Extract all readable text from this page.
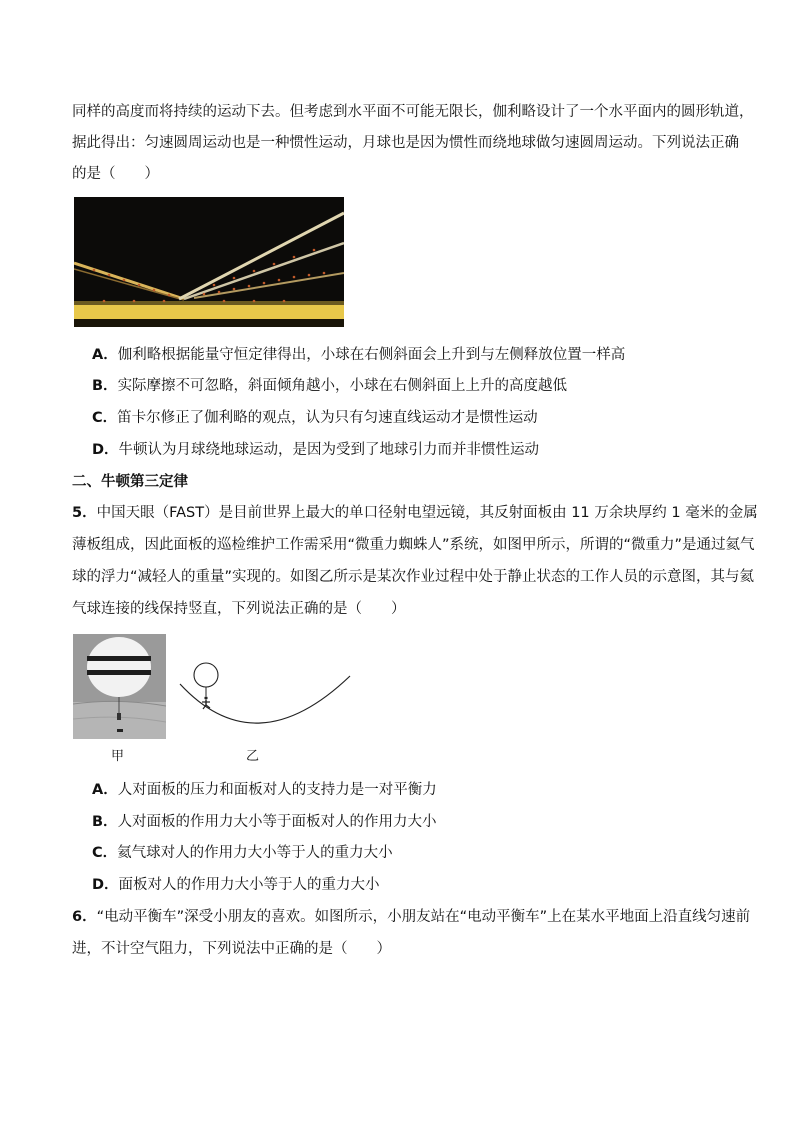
同样的高度而将持续的运动下去。但考虑到水平面不可能无限长，伽利略设计了一个水平面内的圆形轨道，
据此得出：匀速圆周运动也是一种惯性运动，月球也是因为惯性而绕地球做匀速圆周运动。下列说法正确
的是（　　）
A．伽利略根据能量守恒定律得出，小球在右侧斜面会上升到与左侧释放位置一样高
B．实际摩擦不可忽略，斜面倾角越小，小球在右侧斜面上上升的高度越低
C．笛卡尔修正了伽利略的观点，认为只有匀速直线运动才是惯性运动
D．牛顿认为月球绕地球运动，是因为受到了地球引力而并非惯性运动
二、牛顿第三定律
5．中国天眼（FAST）是目前世界上最大的单口径射电望远镜，其反射面板由 11 万余块厚约 1 毫米的金属
薄板组成，因此面板的巡检维护工作需采用“微重力蜘蛛人”系统，如图甲所示，所谓的“微重力”是通过氦气
球的浮力“减轻人的重量”实现的。如图乙所示是某次作业过程中处于静止状态的工作人员的示意图，其与氦
气球连接的线保持竖直，下列说法正确的是（　　）
甲	乙
A．人对面板的压力和面板对人的支持力是一对平衡力
B．人对面板的作用力大小等于面板对人的作用力大小
C．氦气球对人的作用力大小等于人的重力大小
D．面板对人的作用力大小等于人的重力大小
6．“电动平衡车”深受小朋友的喜欢。如图所示，小朋友站在“电动平衡车”上在某水平地面上沿直线匀速前
进，不计空气阻力，下列说法中正确的是（　　）
